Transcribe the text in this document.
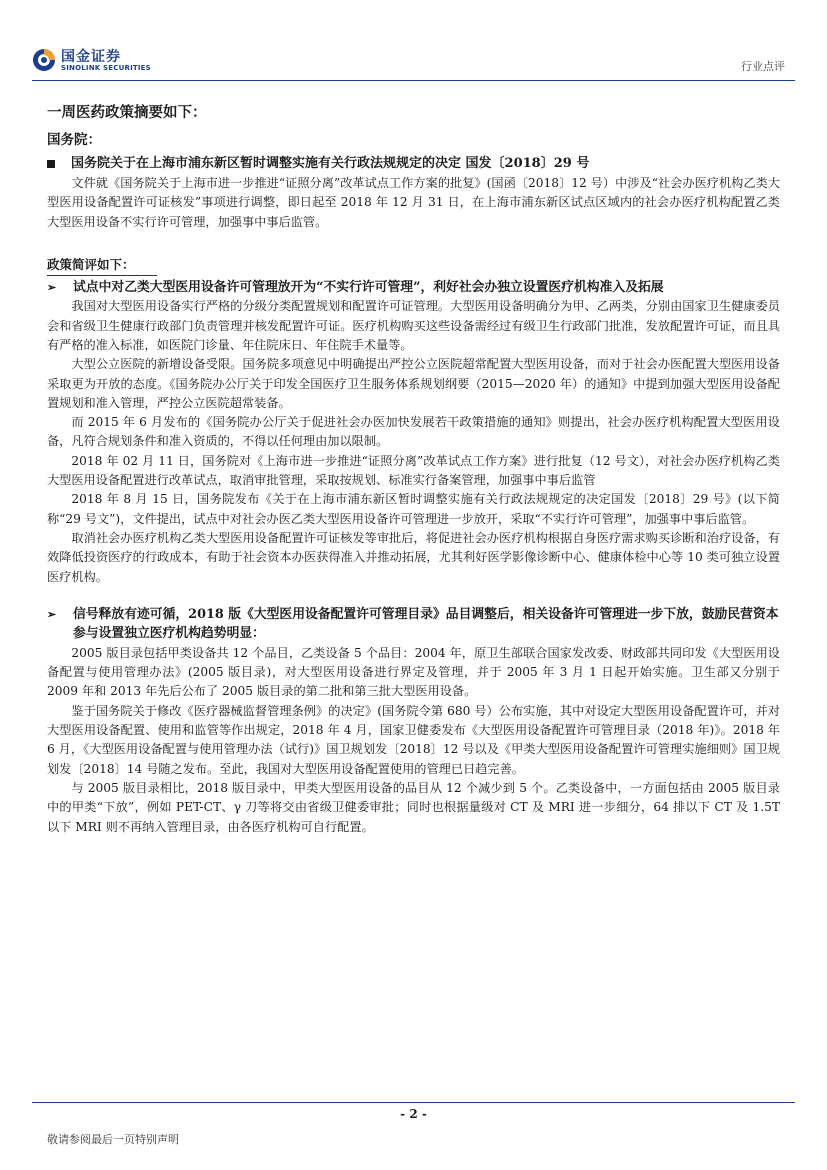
国金证券
SINOLINK SECURITIES	行业点评
一周医药政策摘要如下：
国务院：
国务院关于在上海市浦东新区暂时调整实施有关行政法规规定的决定 国发〔2018〕29 号

文件就《国务院关于上海市进一步推进“证照分离”改革试点工作方案的批复》(国函〔2018〕12 号）中涉及“社会办医疗机构乙类大型医用设备配置许可证核发”事项进行调整，即日起至 2018 年 12 月 31 日，在上海市浦东新区试点区域内的社会办医疗机构配置乙类大型医用设备不实行许可管理，加强事中事后监管。

政策简评如下：
➢	试点中对乙类大型医用设备许可管理放开为“不实行许可管理”，利好社会办独立设置医疗机构准入及拓展

我国对大型医用设备实行严格的分级分类配置规划和配置许可证管理。大型医用设备明确分为甲、乙两类，分别由国家卫生健康委员会和省级卫生健康行政部门负责管理并核发配置许可证。医疗机构购买这些设备需经过有级卫生行政部门批准，发放配置许可证，而且具有严格的准入标准，如医院门诊量、年住院床日、年住院手术量等。

大型公立医院的新增设备受限。国务院多项意见中明确提出严控公立医院超常配置大型医用设备，而对于社会办医配置大型医用设备采取更为开放的态度。《国务院办公厅关于印发全国医疗卫生服务体系规划纲要（2015—2020 年）的通知》中提到加强大型医用设备配置规划和准入管理，严控公立医院超常装备。

而 2015 年 6 月发布的《国务院办公厅关于促进社会办医加快发展若干政策措施的通知》则提出，社会办医疗机构配置大型医用设备，凡符合规划条件和准入资质的，不得以任何理由加以限制。

2018 年 02 月 11 日，国务院对《上海市进一步推进“证照分离”改革试点工作方案》进行批复（12 号文），对社会办医疗机构乙类大型医用设备配置进行改革试点，取消审批管理，采取按规划、标准实行备案管理，加强事中事后监管

2018 年 8 月 15 日，国务院发布《关于在上海市浦东新区暂时调整实施有关行政法规规定的决定国发〔2018〕29 号》(以下简称“29 号文”)，文件提出，试点中对社会办医乙类大型医用设备许可管理进一步放开，采取“不实行许可管理”，加强事中事后监管。

取消社会办医疗机构乙类大型医用设备配置许可证核发等审批后，将促进社会办医疗机构根据自身医疗需求购买诊断和治疗设备，有效降低投资医疗的行政成本，有助于社会资本办医获得准入并推动拓展，尤其利好医学影像诊断中心、健康体检中心等 10 类可独立设置医疗机构。

➢	信号释放有迹可循，2018 版《大型医用设备配置许可管理目录》品目调整后，相关设备许可管理进一步下放，鼓励民营资本参与设置独立医疗机构趋势明显：

2005 版目录包括甲类设备共 12 个品目，乙类设备 5 个品目：2004 年，原卫生部联合国家发改委、财政部共同印发《大型医用设备配置与使用管理办法》(2005 版目录)，对大型医用设备进行界定及管理，并于 2005 年 3 月 1 日起开始实施。卫生部又分别于 2009 年和 2013 年先后公布了 2005 版目录的第二批和第三批大型医用设备。

鉴于国务院关于修改《医疗器械监督管理条例》的决定》(国务院令第 680 号）公布实施，其中对设定大型医用设备配置许可，并对大型医用设备配置、使用和监管等作出规定，2018 年 4 月，国家卫健委发布《大型医用设备配置许可管理目录（2018 年)》。2018 年 6 月，《大型医用设备配置与使用管理办法（试行)》国卫规划发〔2018〕12 号以及《甲类大型医用设备配置许可管理实施细则》国卫规划发〔2018〕14 号随之发布。至此，我国对大型医用设备配置使用的管理已日趋完善。

与 2005 版目录相比，2018 版目录中，甲类大型医用设备的品目从 12 个减少到 5 个。乙类设备中，一方面包括由 2005 版目录中的甲类“下放”，例如 PET-CT、γ 刀等将交由省级卫健委审批；同时也根据量级对 CT 及 MRI 进一步细分，64 排以下 CT 及 1.5T 以下 MRI 则不再纳入管理目录，由各医疗机构可自行配置。

- 2 -
敬请参阅最后一页特别声明
